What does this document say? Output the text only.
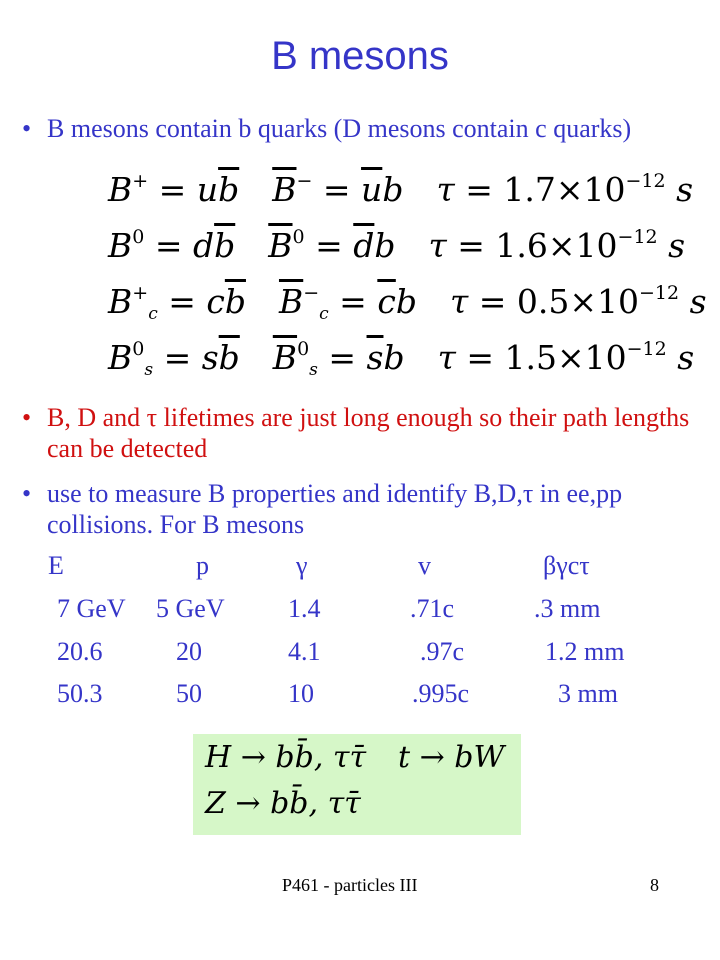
B mesons
• B mesons contain b quarks (D mesons contain c quarks)
$B^+ = u\overline{b}$  $\overline{B}^- = \overline{u}b$  $\tau = 1.7\times 10^{-12}$ s
$B^0 = d\overline{b}$  $\overline{B}^0 = \overline{d}b$  $\tau = 1.6\times 10^{-12}$ s
$B^+_c = c\overline{b}$  $\overline{B}^-_c = \overline{c}b$  $\tau = 0.5\times 10^{-12}$ s
$B^0_s = s\overline{b}$  $\overline{B}^0_s = \overline{s}b$  $\tau = 1.5\times 10^{-12}$ s
• B, D and τ lifetimes are just long enough so their path lengths can be detected
• use to measure B properties and identify B,D,τ in ee,pp collisions. For B mesons
E	p	γ	v	βγcτ
7 GeV 5 GeV 1.4	.71c	.3 mm
20.6	20	4.1	.97c	1.2 mm
50.3	50	10	.995c	3 mm
H → bb̄, ττ̄ t → bW
Z → bb̄, ττ̄
P461 - particles III	8
